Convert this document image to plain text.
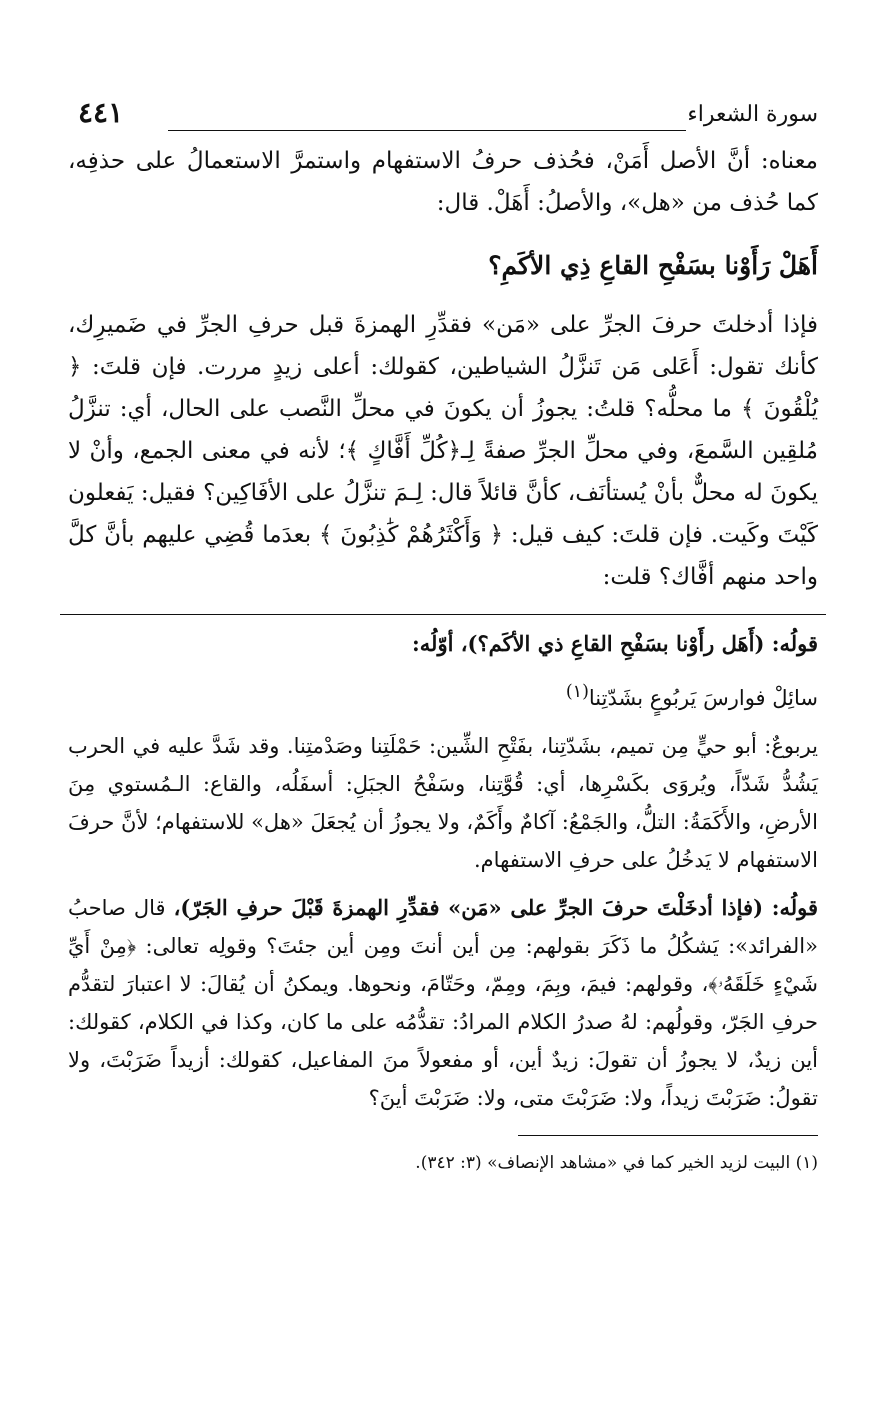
سورة الشعراء
٤٤١

معناه: أنَّ الأصل أَمَنْ، فحُذف حرفُ الاستفهام واستمرَّ الاستعمالُ على حذفِه، كما حُذف من «هل»، والأصلُ: أَهَلْ. قال:

أَهَلْ رَأَوْنا بسَفْحِ القاعِ ذِي الأكَمِ؟

فإذا أدخلتَ حرفَ الجرِّ على «مَن» فقدِّرِ الهمزةَ قبل حرفِ الجرِّ في ضَميرِك، كأنك تقول: أَعَلى مَن تَنزَّلُ الشياطين، كقولك: أعلى زيدٍ مررت. فإن قلتَ: ﴿ يُلْقُونَ ﴾ ما محلُّه؟ قلتُ: يجوزُ أن يكونَ في محلِّ النَّصب على الحال، أي: تنزَّلُ مُلقِين السَّمعَ، وفي محلِّ الجرِّ صفةً لِـ﴿كُلِّ أَفَّاكٍ ﴾؛ لأنه في معنى الجمع، وأنْ لا يكونَ له محلٌّ بأنْ يُستأنَف، كأنَّ قائلاً قال: لِـمَ تنزَّلُ على الأفَاكِين؟ فقيل: يَفعلون كَيْتَ وكَيت. فإن قلتَ: كيف قيل: ﴿ وَأَكْثَرُهُمْ كَٰذِبُونَ ﴾ بعدَما قُضِي عليهم بأنَّ كلَّ واحد منهم أفَّاك؟ قلت:

قولُه: (أَهَل رأَوْنا بسَفْحِ القاعِ ذي الأكَم؟)، أوّلُه:

سائِلْ فوارسَ يَربُوعٍ بشَدّتِنا$^{(١)}$

يربوعٌ: أبو حيٍّ مِن تميم، بشَدّتِنا، بفَتْحِ الشِّين: حَمْلَتِنا وصَدْمتِنا. وقد شَدَّ عليه في الحرب يَشُدُّ شَدّاً، ويُروَى بكَسْرِها، أي: قُوَّتِنا، وسَفْحُ الجبَلِ: أسفَلُه، والقاع: الـمُستوي مِنَ الأرضِ، والأَكَمَةُ: التلُّ، والجَمْعُ: آكامٌ وأَكَمٌ، ولا يجوزُ أن يُجعَلَ «هل» للاستفهام؛ لأنَّ حرفَ الاستفهام لا يَدخُلُ على حرفِ الاستفهام.

قولُه: (فإذا أدخَلْتَ حرفَ الجرِّ على «مَن» فقدِّرِ الهمزةَ قَبْلَ حرفِ الجَرّ)، قال صاحبُ «الفرائد»: يَشكُلُ ما ذَكَرَ بقولهم: مِن أين أنتَ ومِن أين جئتَ؟ وقولِه تعالى: ﴿مِنْ أَيِّ شَيْءٍ خَلَقَهُۥ﴾، وقولهم: فيمَ، وبِمَ، ومِمّ، وحَتّامَ، ونحوها. ويمكنُ أن يُقالَ: لا اعتبارَ لتقدُّم حرفِ الجَرّ، وقولُهم: لهُ صدرُ الكلام المرادُ: تقدُّمُه على ما كان، وكذا في الكلام، كقولك: أين زيدٌ، لا يجوزُ أن تقولَ: زيدٌ أين، أو مفعولاً منَ المفاعيل، كقولك: أزيداً ضَرَبْتَ، ولا تقولُ: ضَرَبْتَ زيداً، ولا: ضَرَبْتَ متى، ولا: ضَرَبْتَ أينَ؟

(١) البيت لزيد الخير كما في «مشاهد الإنصاف» (٣: ٣٤٢).
